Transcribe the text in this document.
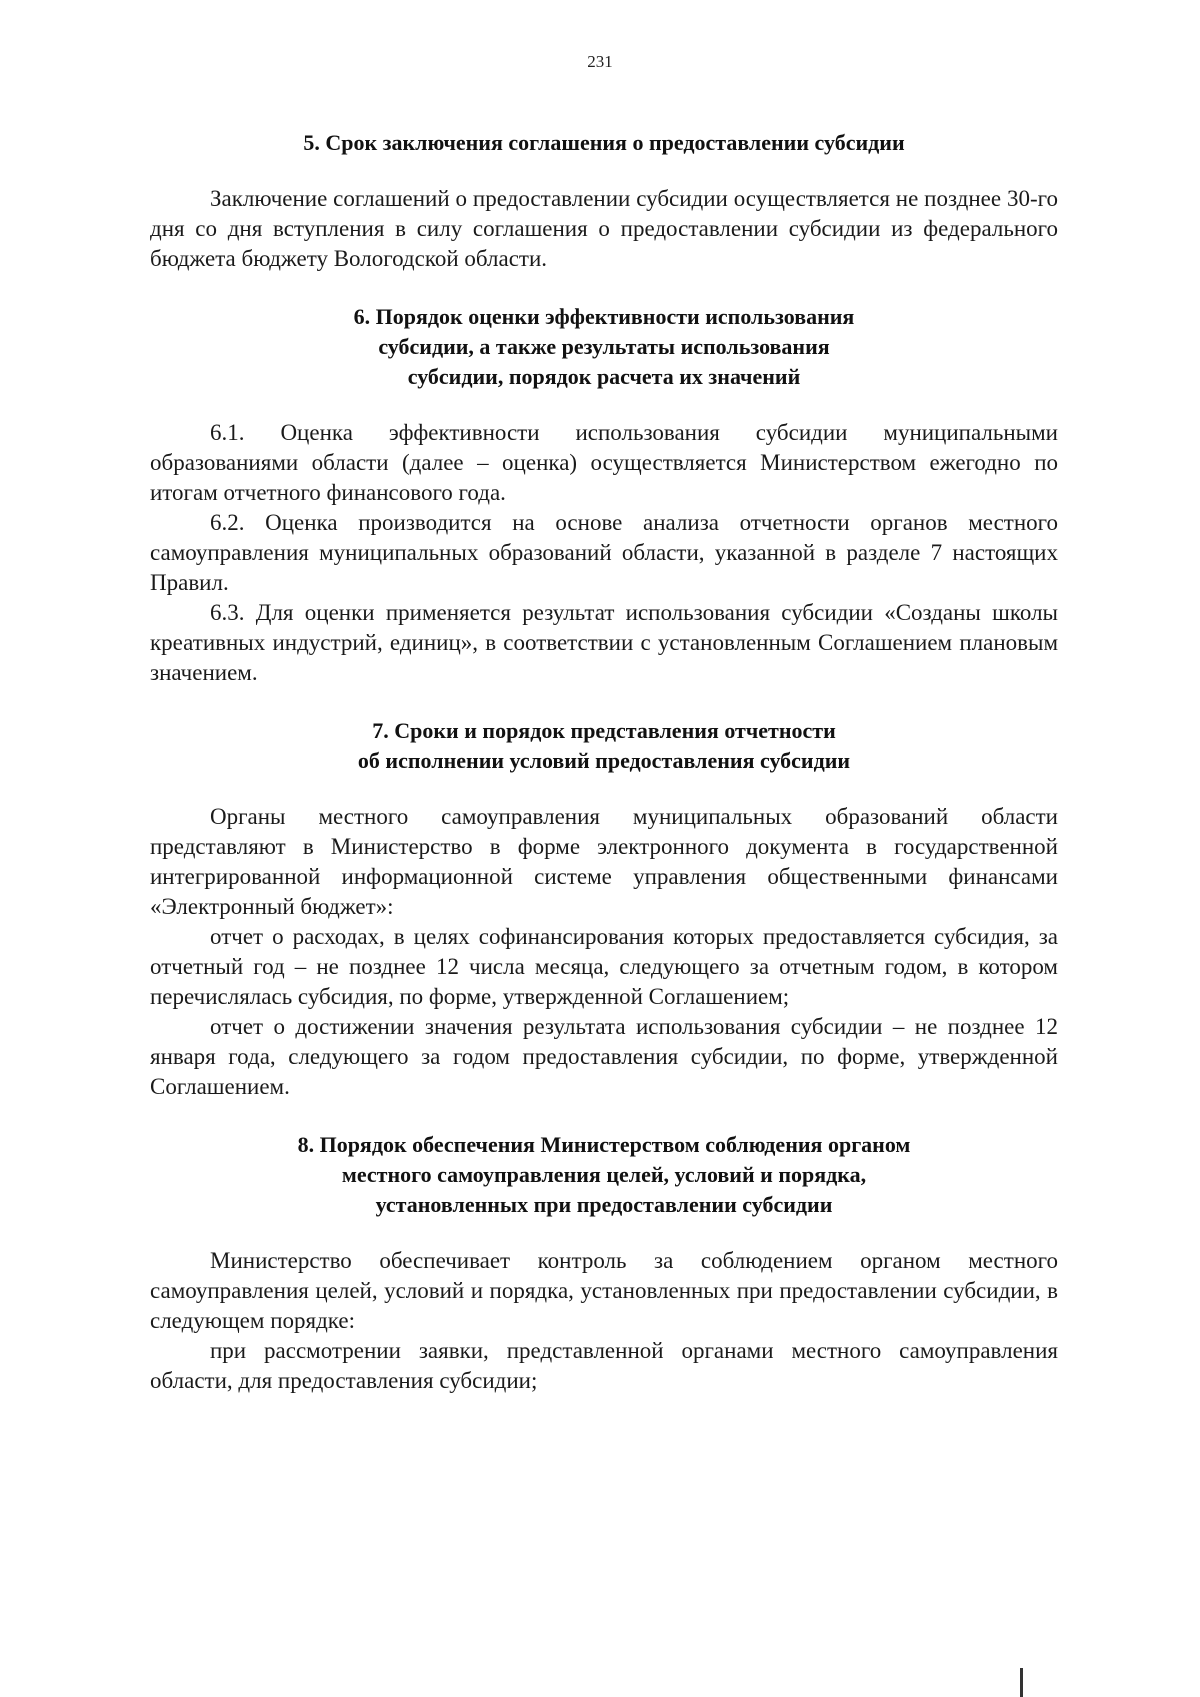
231
5. Срок заключения соглашения о предоставлении субсидии

Заключение соглашений о предоставлении субсидии осуществляется не позднее 30-го дня со дня вступления в силу соглашения о предоставлении субсидии из федерального бюджета бюджету Вологодской области.

6. Порядок оценки эффективности использования
субсидии, а также результаты использования
субсидии, порядок расчета их значений

6.1. Оценка эффективности использования субсидии муниципальными образованиями области (далее – оценка) осуществляется Министерством ежегодно по итогам отчетного финансового года.

6.2. Оценка производится на основе анализа отчетности органов местного самоуправления муниципальных образований области, указанной в разделе 7 настоящих Правил.

6.3. Для оценки применяется результат использования субсидии «Созданы школы креативных индустрий, единиц», в соответствии с установленным Соглашением плановым значением.

7. Сроки и порядок представления отчетности
об исполнении условий предоставления субсидии

Органы местного самоуправления муниципальных образований области представляют в Министерство в форме электронного документа в государственной интегрированной информационной системе управления общественными финансами «Электронный бюджет»:

отчет о расходах, в целях софинансирования которых предоставляется субсидия, за отчетный год – не позднее 12 числа месяца, следующего за отчетным годом, в котором перечислялась субсидия, по форме, утвержденной Соглашением;

отчет о достижении значения результата использования субсидии – не позднее 12 января года, следующего за годом предоставления субсидии, по форме, утвержденной Соглашением.

8. Порядок обеспечения Министерством соблюдения органом
местного самоуправления целей, условий и порядка,
установленных при предоставлении субсидии

Министерство обеспечивает контроль за соблюдением органом местного самоуправления целей, условий и порядка, установленных при предоставлении субсидии, в следующем порядке:

при рассмотрении заявки, представленной органами местного самоуправления области, для предоставления субсидии;
